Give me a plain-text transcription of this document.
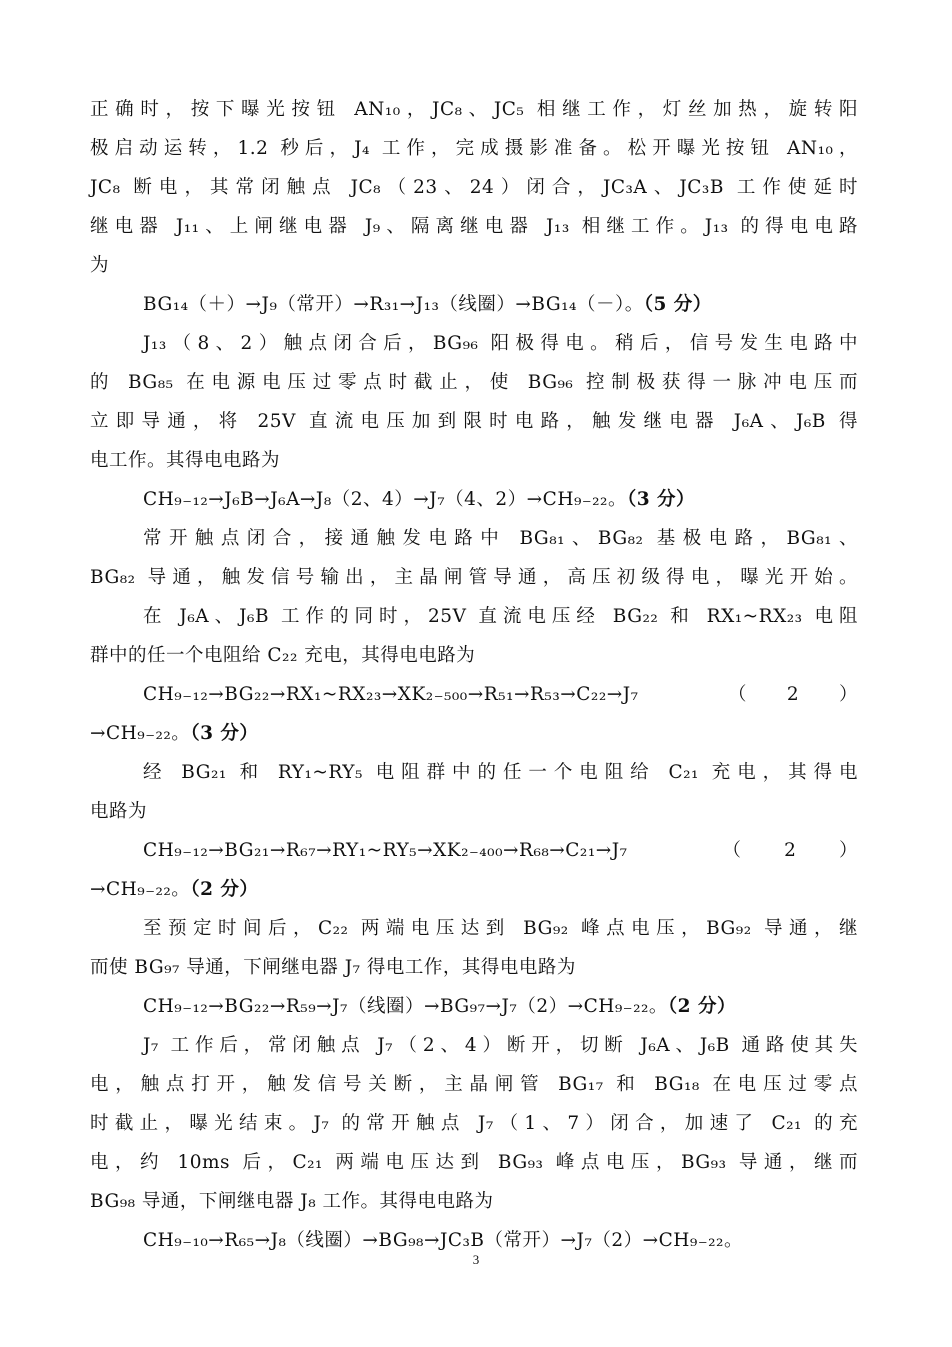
正确时，按下曝光按钮 AN₁₀，JC₈、JC₅ 相继工作，灯丝加热，旋转阳
极启动运转，1.2 秒后，J₄ 工作，完成摄影准备。松开曝光按钮 AN₁₀，
JC₈ 断电，其常闭触点 JC₈（23、24）闭合，JC₃A、JC₃B 工作使延时
继电器 J₁₁、上闸继电器 J₉、隔离继电器 J₁₃ 相继工作。J₁₃ 的得电电路
为
BG₁₄（＋）→J₉（常开）→R₃₁→J₁₃（线圈）→BG₁₄（－）。（5 分）
J₁₃（8、2）触点闭合后，BG₉₆ 阳极得电。稍后，信号发生电路中
的 BG₈₅ 在电源电压过零点时截止，使 BG₉₆ 控制极获得一脉冲电压而
立即导通，将 25V 直流电压加到限时电路，触发继电器 J₆A、J₆B 得
电工作。其得电电路为
CH₉₋₁₂→J₆B→J₆A→J₈（2、4）→J₇（4、2）→CH₉₋₂₂。（3 分）
常开触点闭合，接通触发电路中 BG₈₁、BG₈₂ 基极电路，BG₈₁、
BG₈₂ 导通，触发信号输出，主晶闸管导通，高压初级得电，曝光开始。
在 J₆A、J₆B 工作的同时，25V 直流电压经 BG₂₂ 和 RX₁~RX₂₃ 电阻
群中的任一个电阻给 C₂₂ 充电，其得电电路为
CH₉₋₁₂→BG₂₂→RX₁~RX₂₃→XK₂₋₅₀₀→R₅₁→R₅₃→C₂₂→J₇　（2）
→CH₉₋₂₂。（3 分）
经 BG₂₁ 和 RY₁~RY₅ 电阻群中的任一个电阻给 C₂₁ 充电，其得电
电路为
CH₉₋₁₂→BG₂₁→R₆₇→RY₁~RY₅→XK₂₋₄₀₀→R₆₈→C₂₁→J₇　（2）
→CH₉₋₂₂。（2 分）
至预定时间后，C₂₂ 两端电压达到 BG₉₂ 峰点电压，BG₉₂ 导通，继
而使 BG₉₇ 导通，下闸继电器 J₇ 得电工作，其得电电路为
CH₉₋₁₂→BG₂₂→R₅₉→J₇（线圈）→BG₉₇→J₇（2）→CH₉₋₂₂。（2 分）
J₇ 工作后，常闭触点 J₇（2、4）断开，切断 J₆A、J₆B 通路使其失
电，触点打开，触发信号关断，主晶闸管 BG₁₇ 和 BG₁₈ 在电压过零点
时截止，曝光结束。J₇ 的常开触点 J₇（1、7）闭合，加速了 C₂₁ 的充
电，约 10ms 后，C₂₁ 两端电压达到 BG₉₃ 峰点电压，BG₉₃ 导通，继而
BG₉₈ 导通，下闸继电器 J₈ 工作。其得电电路为
CH₉₋₁₀→R₆₅→J₈（线圈）→BG₉₈→JC₃B（常开）→J₇（2）→CH₉₋₂₂。
3
